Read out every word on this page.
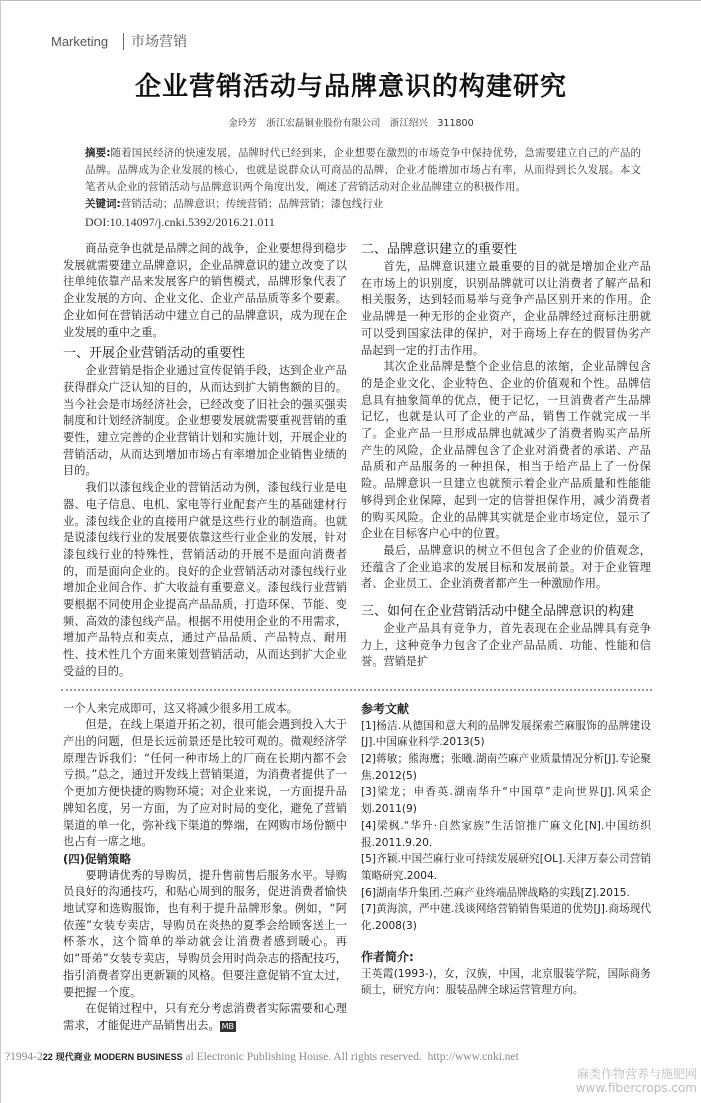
Marketing	市场营销
企业营销活动与品牌意识的构建研究
金玲芳　浙江宏磊铜业股份有限公司　浙江绍兴　311800
摘要:随着国民经济的快速发展，品牌时代已经到来，企业想要在激烈的市场竞争中保持优势，急需要建立自己的产品的品牌。品牌成为企业发展的核心，也就是说群众认可商品的品牌，企业才能增加市场占有率，从而得到长久发展。本文笔者从企业的营销活动与品牌意识两个角度出发，阐述了营销活动对企业品牌建立的积极作用。
关键词:营销活动；品牌意识；传统营销；品牌营销；漆包线行业
DOI:10.14097/j.cnki.5392/2016.21.011

商品竞争也就是品牌之间的战争，企业要想得到稳步发展就需要建立品牌意识，企业品牌意识的建立改变了以往单纯依靠产品来发展客户的销售模式，品牌形象代表了企业发展的方向、企业文化、企业产品品质等多个要素。企业如何在营销活动中建立自己的品牌意识，成为现在企业发展的重中之重。

一、开展企业营销活动的重要性

企业营销是指企业通过宣传促销手段，达到企业产品获得群众广泛认知的目的，从而达到扩大销售额的目的。当今社会是市场经济社会，已经改变了旧社会的强买强卖制度和计划经济制度。企业想要发展就需要重视营销的重要性，建立完善的企业营销计划和实施计划，开展企业的营销活动，从而达到增加市场占有率增加企业销售业绩的目的。

我们以漆包线企业的营销活动为例，漆包线行业是电器、电子信息、电机、家电等行业配套产生的基础建材行业。漆包线企业的直接用户就是这些行业的制造商。也就是说漆包线行业的发展要依靠这些行业企业的发展，针对漆包线行业的特殊性，营销活动的开展不是面向消费者的，而是面向企业的。良好的企业营销活动对漆包线行业增加企业间合作、扩大收益有重要意义。漆包线行业营销要根据不同使用企业提高产品品质，打造环保、节能、变频、高效的漆包线产品。根据不用使用企业的不用需求，增加产品特点和卖点，通过产品品质、产品特点、耐用性、技术性几个方面来策划营销活动，从而达到扩大企业受益的目的。

二、品牌意识建立的重要性

首先，品牌意识建立最重要的目的就是增加企业产品在市场上的识别度，识别品牌就可以让消费者了解产品和相关服务，达到轻而易举与竞争产品区别开来的作用。企业品牌是一种无形的企业资产，企业品牌经过商标注册就可以受到国家法律的保护，对于商场上存在的假冒伪劣产品起到一定的打击作用。

其次企业品牌是整个企业信息的浓缩，企业品牌包含的是企业文化、企业特色、企业的价值观和个性。品牌信息具有抽象简单的优点，便于记忆，一旦消费者产生品牌记忆，也就是认可了企业的产品，销售工作就完成一半了。企业产品一旦形成品牌也就减少了消费者购买产品所产生的风险，企业品牌包含了企业对消费者的承诺、产品品质和产品服务的一种担保，相当于给产品上了一份保险。品牌意识一旦建立也就预示着企业产品质量和性能能够得到企业保障，起到一定的信誉担保作用，减少消费者的购买风险。企业的品牌其实就是企业市场定位，显示了企业在目标客户心中的位置。

最后，品牌意识的树立不但包含了企业的价值观念，还蕴含了企业追求的发展目标和发展前景。对于企业管理者、企业员工、企业消费者都产生一种激励作用。

三、如何在企业营销活动中健全品牌意识的构建

企业产品具有竞争力，首先表现在企业品牌具有竞争力上，这种竞争力包含了企业产品品质、功能、性能和信誉。营销是扩

一个人来完成即可，这又将减少很多用工成本。

但是，在线上渠道开拓之初，很可能会遇到投入大于产出的问题，但是长远前景还是比较可观的。微观经济学原理告诉我们：“任何一种市场上的厂商在长期内都不会亏损。”总之，通过开发线上营销渠道，为消费者提供了一个更加方便快捷的购物环境；对企业来说，一方面提升品牌知名度，另一方面，为了应对时局的变化，避免了营销渠道的单一化，弥补线下渠道的弊端，在网购市场份额中也占有一席之地。

(四)促销策略

要聘请优秀的导购员，提升售前售后服务水平。导购员良好的沟通技巧，和贴心周到的服务，促进消费者愉快地试穿和选购服饰，也有利于提升品牌形象。例如，“阿依莲”女装专卖店，导购员在炎热的夏季会给顾客送上一杯茶水，这个简单的举动就会让消费者感到暖心。再如“哥弟”女装专卖店，导购员会用时尚杂志的搭配技巧，指引消费者穿出更新颖的风格。但要注意促销不宜太过，要把握一个度。

在促销过程中，只有充分考虑消费者实际需要和心理需求，才能促进产品销售出去。 MB

参考文献
[1]杨洁.从德国和意大利的品牌发展探索苎麻服饰的品牌建设[J].中国麻业科学.2013(5)
[2]蒋敏；熊海鹰；张曦.湖南苎麻产业质量情况分析[J].专论聚焦.2012(5)
[3]梁龙；申香英.湖南华升“中国草”走向世界[J].风采企划.2011(9)
[4]梁枫.“华升·自然家族”生活馆推广麻文化[N].中国纺织报.2011.9.20.
[5]齐颖.中国苎麻行业可持续发展研究[OL].天津万泰公司营销策略研究.2004.
[6]湖南华升集团.苎麻产业终端品牌战略的实践[Z].2015.
[7]黄海滨，严中建.浅谈网络营销销售渠道的优势[J].商场现代化.2008(3)
作者简介:
王英霞(1993-)，女，汉族，中国，北京服装学院，国际商务硕士，研究方向：服装品牌全球运营管理方向。
?1994-222 现代商业 MODERN BUSINESS al Electronic Publishing House. All rights reserved. http://www.cnki.net
麻类作物营养与施肥网
www.fibercrops.com
